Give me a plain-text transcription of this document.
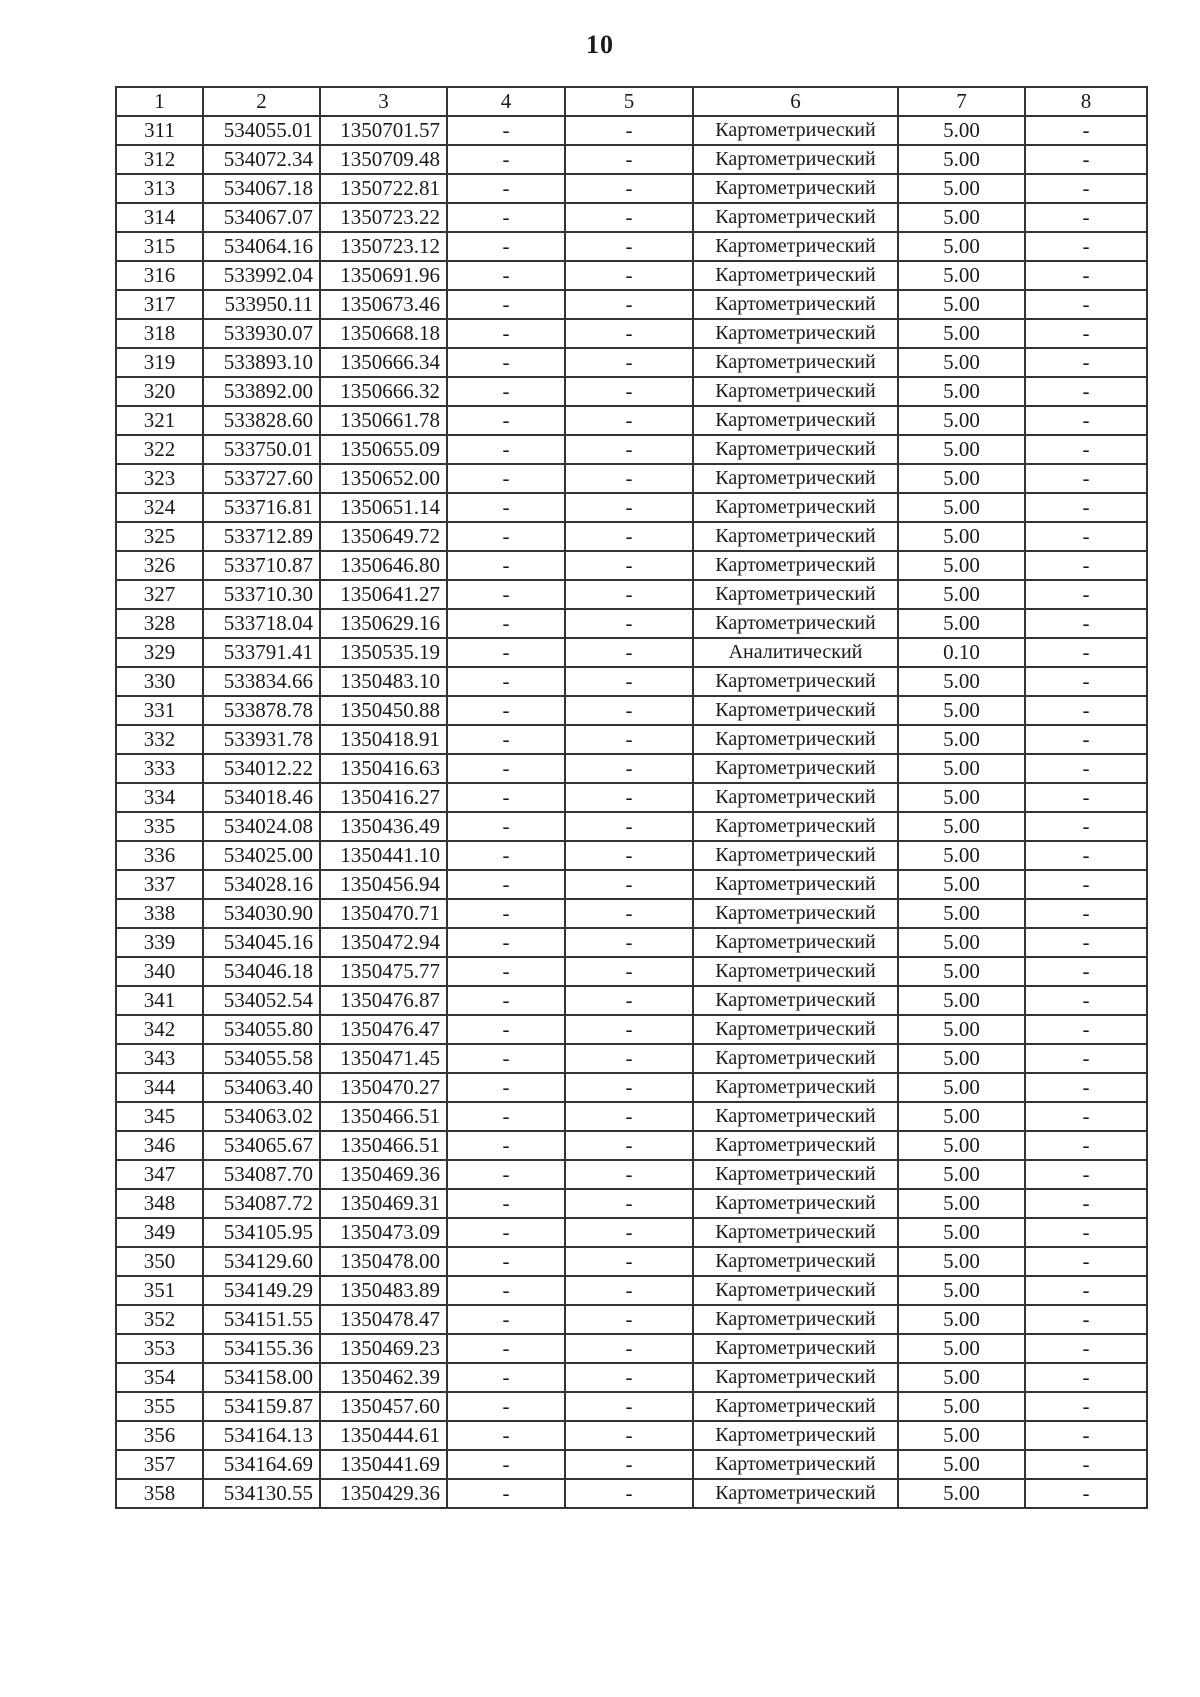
10
1	2	3	4	5	6	7	8
311	534055.01	1350701.57	-	-	Картометрический	5.00	-
312	534072.34	1350709.48	-	-	Картометрический	5.00	-
313	534067.18	1350722.81	-	-	Картометрический	5.00	-
314	534067.07	1350723.22	-	-	Картометрический	5.00	-
315	534064.16	1350723.12	-	-	Картометрический	5.00	-
316	533992.04	1350691.96	-	-	Картометрический	5.00	-
317	533950.11	1350673.46	-	-	Картометрический	5.00	-
318	533930.07	1350668.18	-	-	Картометрический	5.00	-
319	533893.10	1350666.34	-	-	Картометрический	5.00	-
320	533892.00	1350666.32	-	-	Картометрический	5.00	-
321	533828.60	1350661.78	-	-	Картометрический	5.00	-
322	533750.01	1350655.09	-	-	Картометрический	5.00	-
323	533727.60	1350652.00	-	-	Картометрический	5.00	-
324	533716.81	1350651.14	-	-	Картометрический	5.00	-
325	533712.89	1350649.72	-	-	Картометрический	5.00	-
326	533710.87	1350646.80	-	-	Картометрический	5.00	-
327	533710.30	1350641.27	-	-	Картометрический	5.00	-
328	533718.04	1350629.16	-	-	Картометрический	5.00	-
329	533791.41	1350535.19	-	-	Аналитический	0.10	-
330	533834.66	1350483.10	-	-	Картометрический	5.00	-
331	533878.78	1350450.88	-	-	Картометрический	5.00	-
332	533931.78	1350418.91	-	-	Картометрический	5.00	-
333	534012.22	1350416.63	-	-	Картометрический	5.00	-
334	534018.46	1350416.27	-	-	Картометрический	5.00	-
335	534024.08	1350436.49	-	-	Картометрический	5.00	-
336	534025.00	1350441.10	-	-	Картометрический	5.00	-
337	534028.16	1350456.94	-	-	Картометрический	5.00	-
338	534030.90	1350470.71	-	-	Картометрический	5.00	-
339	534045.16	1350472.94	-	-	Картометрический	5.00	-
340	534046.18	1350475.77	-	-	Картометрический	5.00	-
341	534052.54	1350476.87	-	-	Картометрический	5.00	-
342	534055.80	1350476.47	-	-	Картометрический	5.00	-
343	534055.58	1350471.45	-	-	Картометрический	5.00	-
344	534063.40	1350470.27	-	-	Картометрический	5.00	-
345	534063.02	1350466.51	-	-	Картометрический	5.00	-
346	534065.67	1350466.51	-	-	Картометрический	5.00	-
347	534087.70	1350469.36	-	-	Картометрический	5.00	-
348	534087.72	1350469.31	-	-	Картометрический	5.00	-
349	534105.95	1350473.09	-	-	Картометрический	5.00	-
350	534129.60	1350478.00	-	-	Картометрический	5.00	-
351	534149.29	1350483.89	-	-	Картометрический	5.00	-
352	534151.55	1350478.47	-	-	Картометрический	5.00	-
353	534155.36	1350469.23	-	-	Картометрический	5.00	-
354	534158.00	1350462.39	-	-	Картометрический	5.00	-
355	534159.87	1350457.60	-	-	Картометрический	5.00	-
356	534164.13	1350444.61	-	-	Картометрический	5.00	-
357	534164.69	1350441.69	-	-	Картометрический	5.00	-
358	534130.55	1350429.36	-	-	Картометрический	5.00	-
